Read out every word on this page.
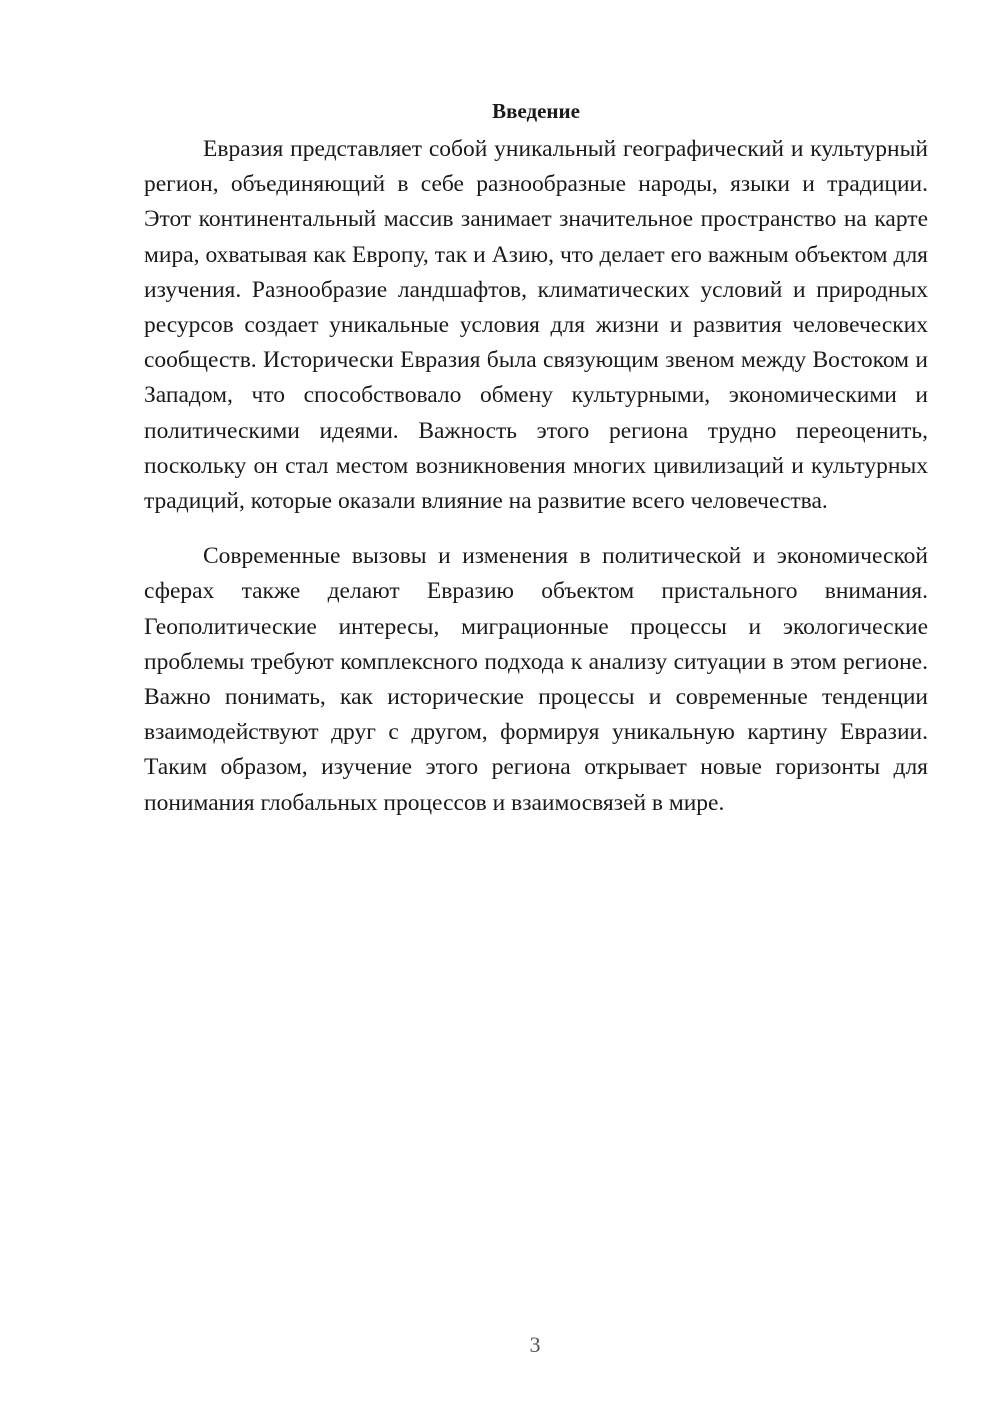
Введение

Евразия представляет собой уникальный географический и культурный регион, объединяющий в себе разнообразные народы, языки и традиции. Этот континентальный массив занимает значительное пространство на карте мира, охватывая как Европу, так и Азию, что делает его важным объектом для изучения. Разнообразие ландшафтов, климатических условий и природных ресурсов создает уникальные условия для жизни и развития человеческих сообществ. Исторически Евразия была связующим звеном между Востоком и Западом, что способствовало обмену культурными, экономическими и политическими идеями. Важность этого региона трудно переоценить, поскольку он стал местом возникновения многих цивилизаций и культурных традиций, которые оказали влияние на развитие всего человечества.

Современные вызовы и изменения в политической и экономической сферах также делают Евразию объектом пристального внимания. Геополитические интересы, миграционные процессы и экологические проблемы требуют комплексного подхода к анализу ситуации в этом регионе. Важно понимать, как исторические процессы и современные тенденции взаимодействуют друг с другом, формируя уникальную картину Евразии. Таким образом, изучение этого региона открывает новые горизонты для понимания глобальных процессов и взаимосвязей в мире.

3
